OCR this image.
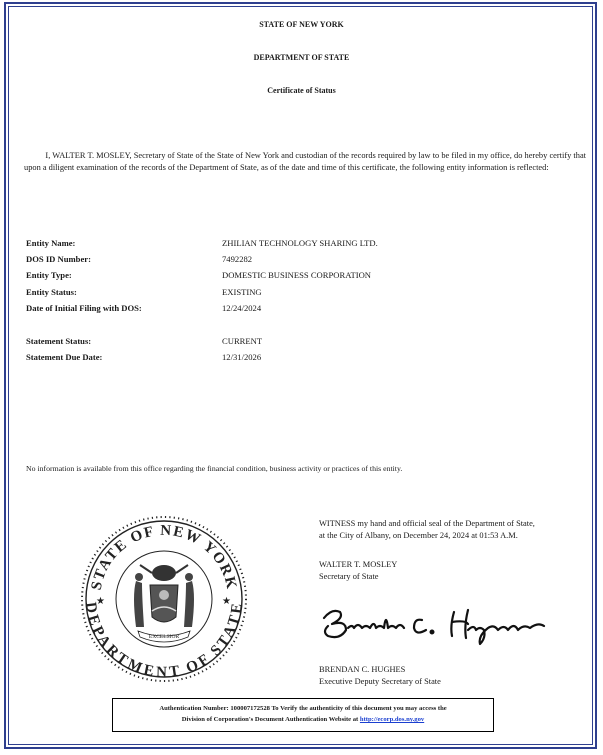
STATE OF NEW YORK
DEPARTMENT OF STATE
Certificate of Status
I, WALTER T. MOSLEY, Secretary of State of the State of New York and custodian of the records required by law to be filed in my office, do hereby certify that upon a diligent examination of the records of the Department of State, as of the date and time of this certificate, the following entity information is reflected:
Entity Name:	ZHILIAN TECHNOLOGY SHARING LTD.
DOS ID Number:	7492282
Entity Type:	DOMESTIC BUSINESS CORPORATION
Entity Status:	EXISTING
Date of Initial Filing with DOS:	12/24/2024
Statement Status:	CURRENT
Statement Due Date:	12/31/2026
No information is available from this office regarding the financial condition, business activity or practices of this entity.
STATE OF NEW YORK
DEPARTMENT OF STATE
★	★
EXCELSIOR
WITNESS my hand and official seal of the Department of State,
at the City of Albany, on December 24, 2024 at 01:53 A.M.
WALTER T. MOSLEY
Secretary of State
BRENDAN C. HUGHES
Executive Deputy Secretary of State
Authentication Number: 100007172528 To Verify the authenticity of this document you may access the
Division of Corporation's Document Authentication Website at http://ecorp.dos.ny.gov
